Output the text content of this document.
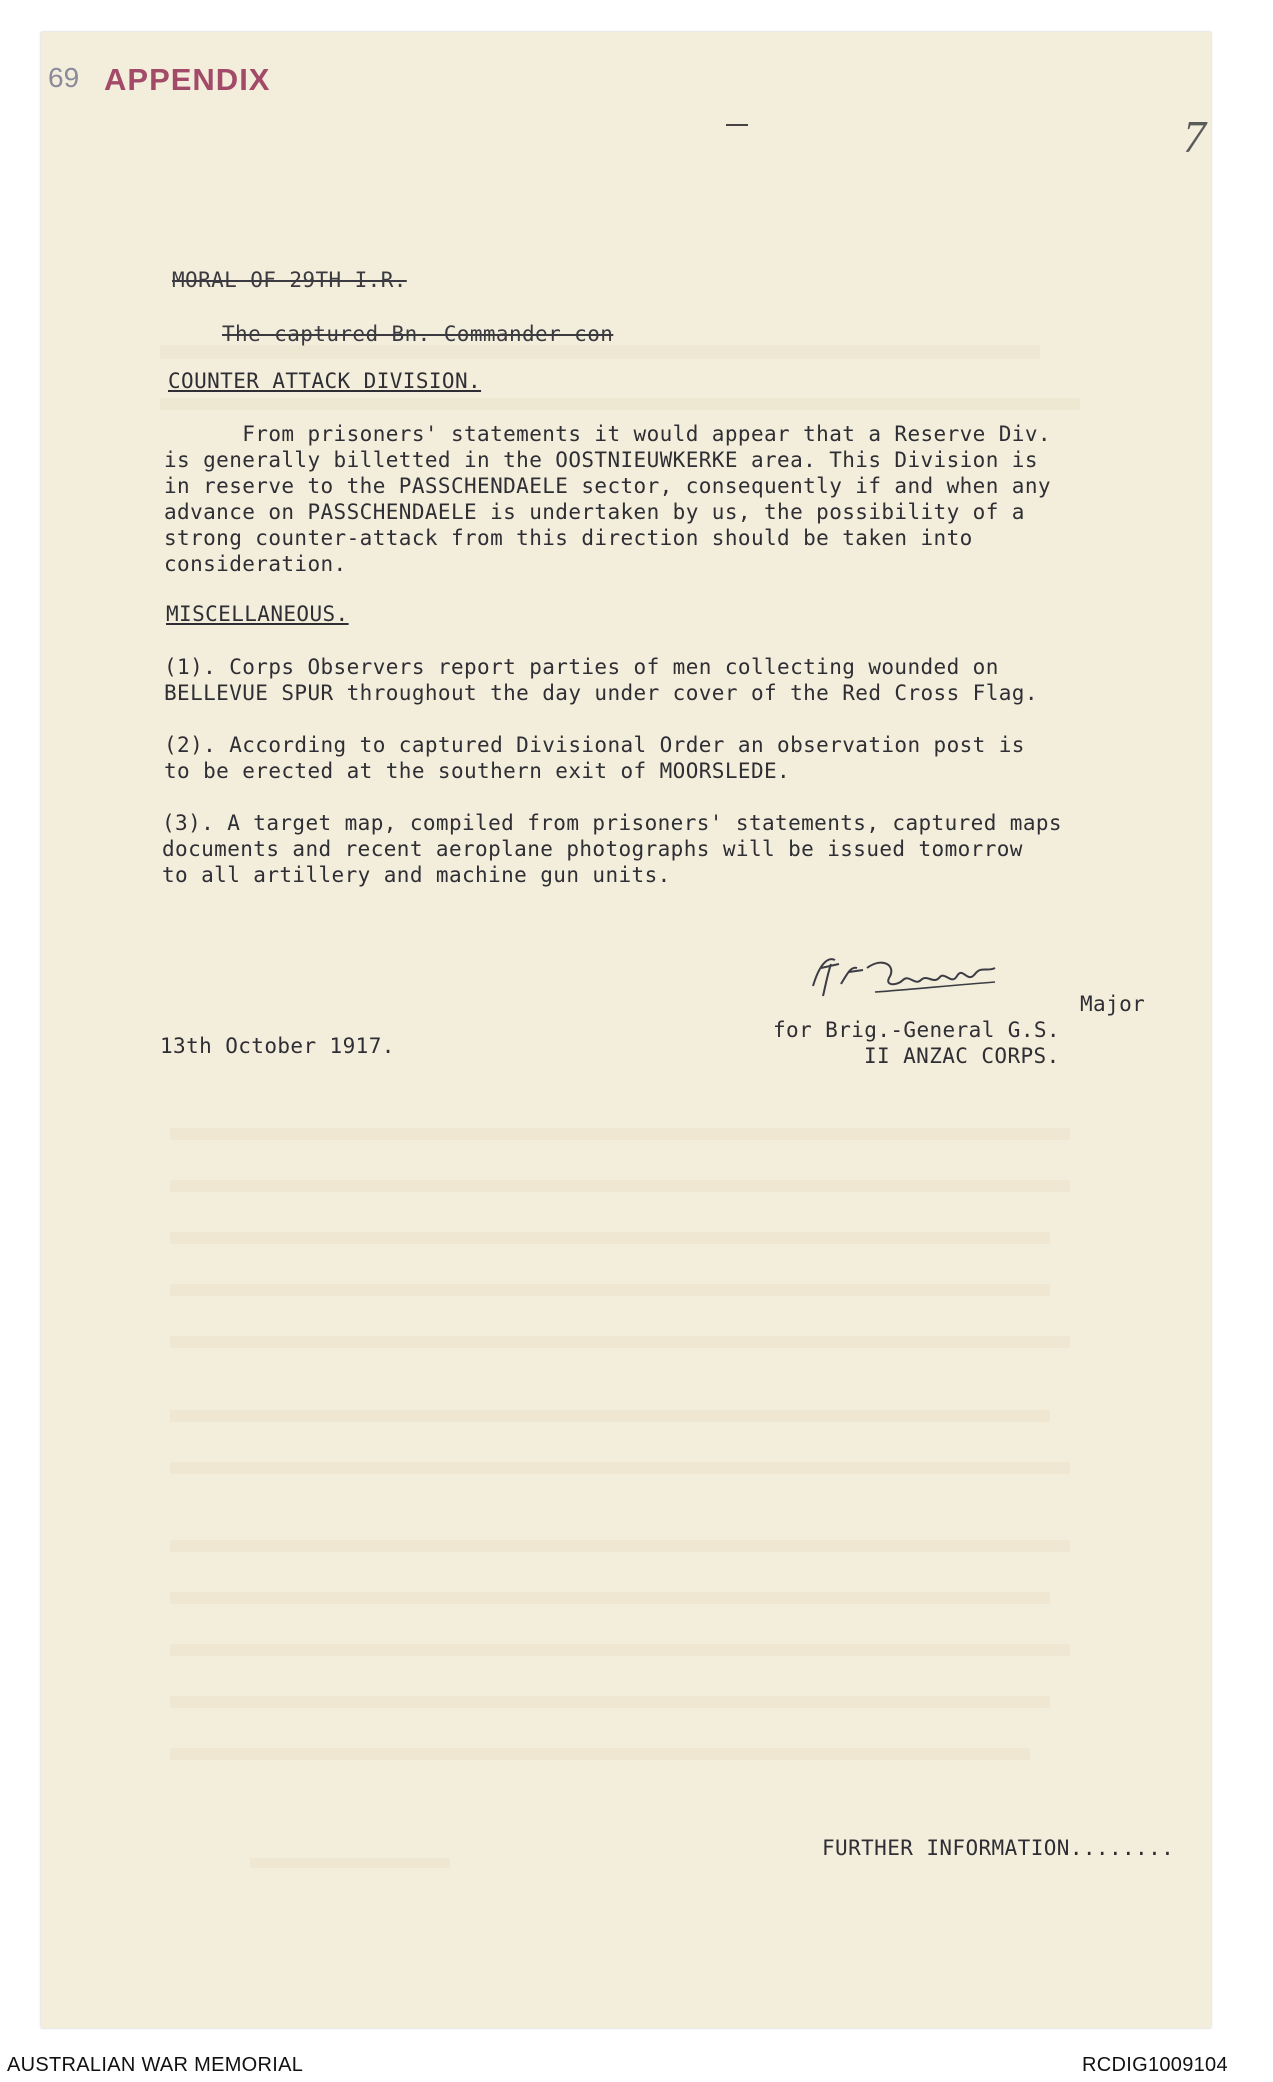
69 APPENDIX
7
MORAL OF 29TH I.R.
The captured Bn. Commander con
COUNTER ATTACK DIVISION.
From prisoners' statements it would appear that a Reserve Div.
is generally billetted in the OOSTNIEUWKERKE area. This Division is
in reserve to the PASSCHENDAELE sector, consequently if and when any
advance on PASSCHENDAELE is undertaken by us, the possibility of a
strong counter-attack from this direction should be taken into
consideration.
MISCELLANEOUS.
(1). Corps Observers report parties of men collecting wounded on
BELLEVUE SPUR throughout the day under cover of the Red Cross Flag.
(2). According to captured Divisional Order an observation post is
to be erected at the southern exit of MOORSLEDE.
(3). A target map, compiled from prisoners' statements, captured maps
documents and recent aeroplane photographs will be issued tomorrow
to all artillery and machine gun units.
Major
for Brig.-General G.S.
II ANZAC CORPS.
13th October 1917.
FURTHER INFORMATION........
AUSTRALIAN WAR MEMORIAL	RCDIG1009104
